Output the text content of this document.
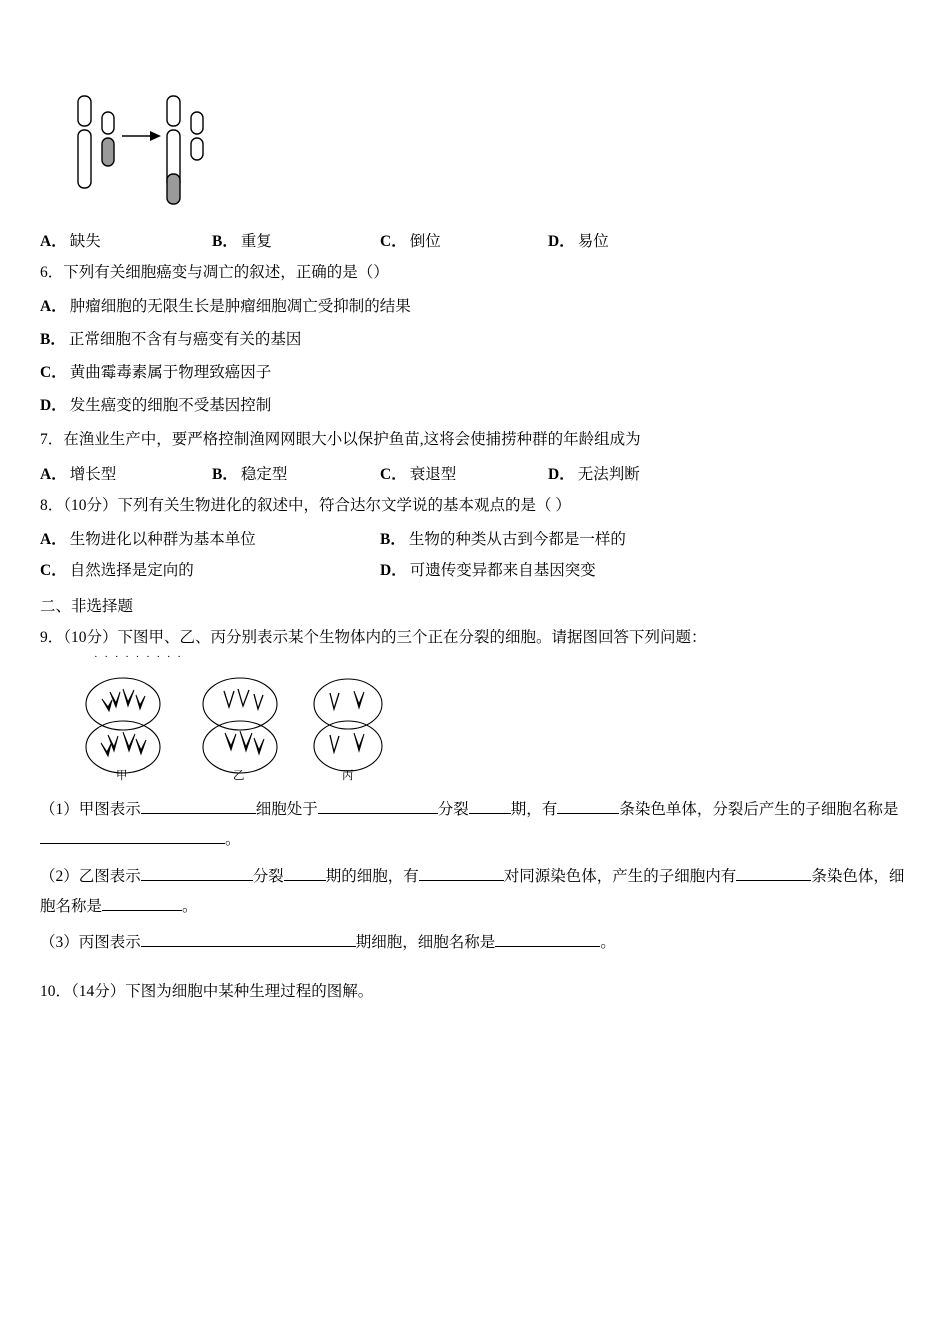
A． 缺失	B． 重复	C． 倒位	D． 易位
6．下列有关细胞癌变与凋亡的叙述，正确的是（）
A． 肿瘤细胞的无限生长是肿瘤细胞凋亡受抑制的结果
B． 正常细胞不含有与癌变有关的基因
C． 黄曲霉毒素属于物理致癌因子
D． 发生癌变的细胞不受基因控制
7．在渔业生产中，要严格控制渔网网眼大小以保护鱼苗,这将会使捕捞种群的年龄组成为
A． 增长型	B． 稳定型	C． 衰退型	D． 无法判断
8．（10分）下列有关生物进化的叙述中，符合达尔文学说的基本观点的是（ ）
A． 生物进化以种群为基本单位	B． 生物的种类从古到今都是一样的
C． 自然选择是定向的	D． 可遗传变异都来自基因突变
二、非选择题
9．（10分）下图甲、乙、丙分别表示某个生物体内的三个正在分裂的细胞。请据图回答下列问题：
· · · · · · · · ·
甲	乙	丙
（1）甲图表示	细胞处于	分裂	期，有	条染色单体，分裂后产生的子细胞名称是。
（2）乙图表示	分裂	期的细胞，有	对同源染色体，产生的子细胞内有	条染色体，细胞名称是	。
（3）丙图表示	期细胞，细胞名称是	。
10．（14分）下图为细胞中某种生理过程的图解。
